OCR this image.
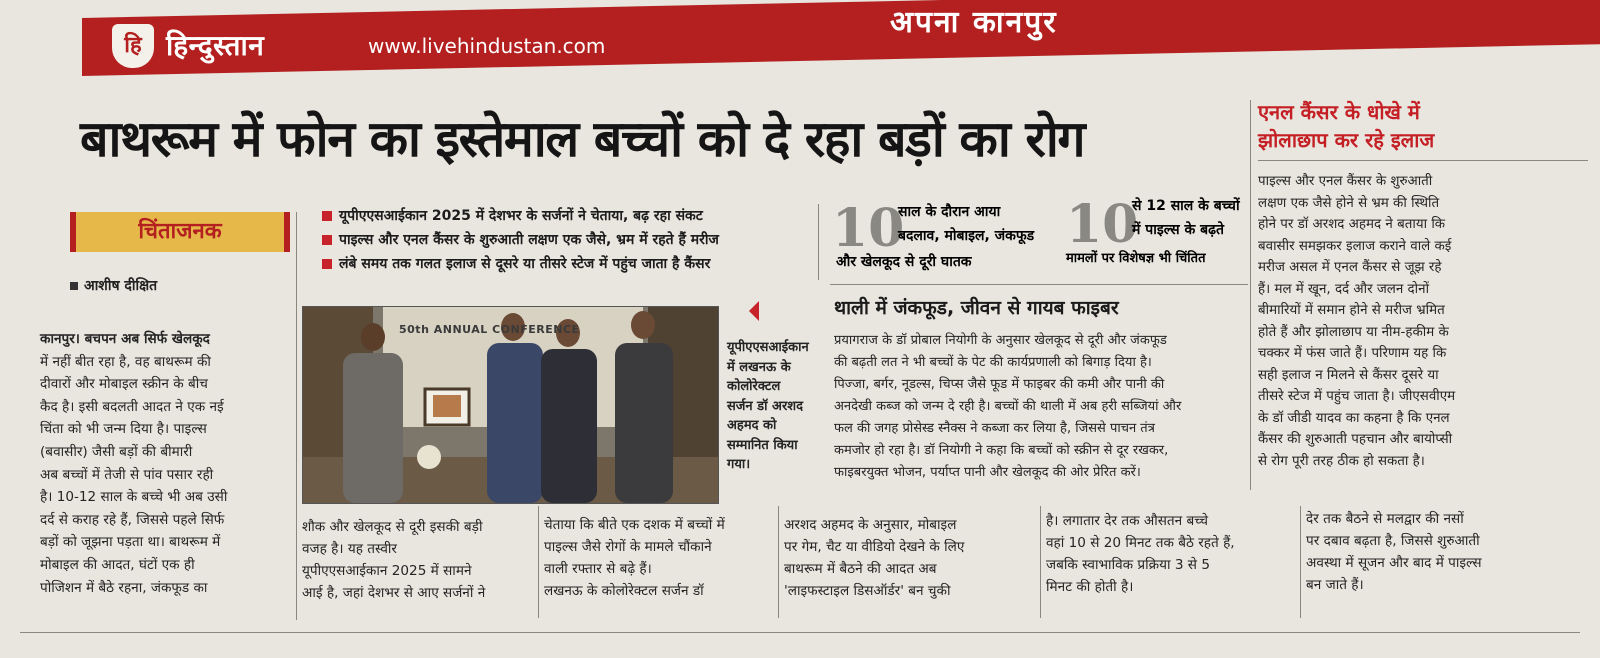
हि हिन्दुस्तान	www.livehindustan.com
अपना कानपुर
बाथरूम में फोन का इस्तेमाल बच्चों को दे रहा बड़ों का रोग	एनल कैंसर के धोखे में
झोलाछाप कर रहे इलाज

पाइल्स और एनल कैंसर के शुरुआती

लक्षण एक जैसे होने से भ्रम की स्थिति

होने पर डॉ अरशद अहमद ने बताया कि

बवासीर समझकर इलाज कराने वाले कई

मरीज असल में एनल कैंसर से जूझ रहे

हैं। मल में खून, दर्द और जलन दोनों

बीमारियों में समान होने से मरीज भ्रमित

होते हैं और झोलाछाप या नीम-हकीम के

चक्कर में फंस जाते हैं। परिणाम यह कि

सही इलाज न मिलने से कैंसर दूसरे या

तीसरे स्टेज में पहुंच जाता है। जीएसवीएम

के डॉ जीडी यादव का कहना है कि एनल

कैंसर की शुरुआती पहचान और बायोप्सी

से रोग पूरी तरह ठीक हो सकता है।

चिंताजनक
आशीष दीक्षित
यूपीएएसआईकान 2025 में देशभर के सर्जनों ने चेताया, बढ़ रहा संकट
पाइल्स और एनल कैंसर के शुरुआती लक्षण एक जैसे, भ्रम में रहते हैं मरीज
लंबे समय तक गलत इलाज से दूसरे या तीसरे स्टेज में पहुंच जाता है कैंसर
10
साल के दौरान आया
बदलाव, मोबाइल, जंकफूड
और खेलकूद से दूरी घातक
10
से 12 साल के बच्चों
में पाइल्स के बढ़ते
मामलों पर विशेषज्ञ भी चिंतित
थाली में जंकफूड, जीवन से गायब फाइबर

प्रयागराज के डॉ प्रोबाल नियोगी के अनुसार खेलकूद से दूरी और जंकफूड

की बढ़ती लत ने भी बच्चों के पेट की कार्यप्रणाली को बिगाड़ दिया है।

पिज्जा, बर्गर, नूडल्स, चिप्स जैसे फूड में फाइबर की कमी और पानी की

अनदेखी कब्ज को जन्म दे रही है। बच्चों की थाली में अब हरी सब्जियां और

फल की जगह प्रोसेस्ड स्नैक्स ने कब्जा कर लिया है, जिससे पाचन तंत्र

कमजोर हो रहा है। डॉ नियोगी ने कहा कि बच्चों को स्क्रीन से दूर रखकर,

फाइबरयुक्त भोजन, पर्याप्त पानी और खेलकूद की ओर प्रेरित करें।

50th ANNUAL CONFERENCE

यूपीएएसआईकान

में लखनऊ के

कोलोरेक्टल

सर्जन डॉ अरशद

अहमद को

सम्मानित किया

गया।

कानपुर। बचपन अब सिर्फ खेलकूद

में नहीं बीत रहा है, वह बाथरूम की

दीवारों और मोबाइल स्क्रीन के बीच

कैद है। इसी बदलती आदत ने एक नई

चिंता को भी जन्म दिया है। पाइल्स

(बवासीर) जैसी बड़ों की बीमारी

अब बच्चों में तेजी से पांव पसार रही

है। 10-12 साल के बच्चे भी अब उसी

दर्द से कराह रहे हैं, जिससे पहले सिर्फ

बड़ों को जूझना पड़ता था। बाथरूम में

मोबाइल की आदत, घंटों एक ही

पोजिशन में बैठे रहना, जंकफूड का

शौक और खेलकूद से दूरी इसकी बड़ी

वजह है। यह तस्वीर

यूपीएएसआईकान 2025 में सामने

आई है, जहां देशभर से आए सर्जनों ने

चेताया कि बीते एक दशक में बच्चों में

पाइल्स जैसे रोगों के मामले चौंकाने

वाली रफ्तार से बढ़े हैं।

लखनऊ के कोलोरेक्टल सर्जन डॉ

अरशद अहमद के अनुसार, मोबाइल

पर गेम, चैट या वीडियो देखने के लिए

बाथरूम में बैठने की आदत अब

'लाइफस्टाइल डिसऑर्डर' बन चुकी

है। लगातार देर तक औसतन बच्चे

वहां 10 से 20 मिनट तक बैठे रहते हैं,

जबकि स्वाभाविक प्रक्रिया 3 से 5

मिनट की होती है।

देर तक बैठने से मलद्वार की नसों

पर दबाव बढ़ता है, जिससे शुरुआती

अवस्था में सूजन और बाद में पाइल्स

बन जाते हैं।
